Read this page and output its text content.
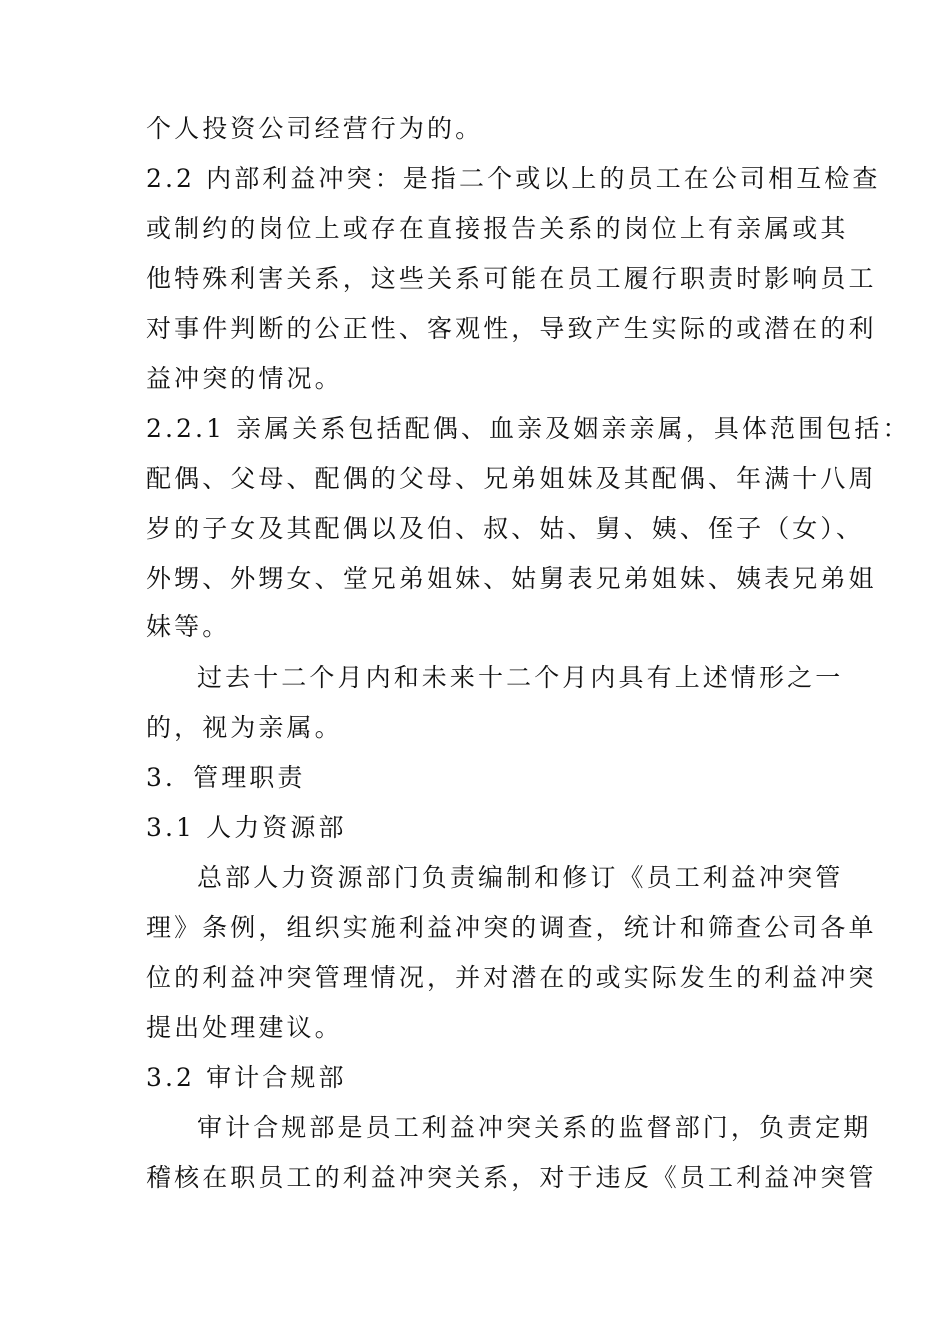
个人投资公司经营行为的。
2.2 内部利益冲突：是指二个或以上的员工在公司相互检查
或制约的岗位上或存在直接报告关系的岗位上有亲属或其
他特殊利害关系，这些关系可能在员工履行职责时影响员工
对事件判断的公正性、客观性，导致产生实际的或潜在的利
益冲突的情况。
2.2.1 亲属关系包括配偶、血亲及姻亲亲属，具体范围包括：
配偶、父母、配偶的父母、兄弟姐妹及其配偶、年满十八周
岁的子女及其配偶以及伯、叔、姑、舅、姨、侄子（女）、
外甥、外甥女、堂兄弟姐妹、姑舅表兄弟姐妹、姨表兄弟姐
妹等。
过去十二个月内和未来十二个月内具有上述情形之一
的，视为亲属。
3．管理职责
3.1 人力资源部
总部人力资源部门负责编制和修订《员工利益冲突管
理》条例，组织实施利益冲突的调查，统计和筛查公司各单
位的利益冲突管理情况，并对潜在的或实际发生的利益冲突
提出处理建议。
3.2 审计合规部
审计合规部是员工利益冲突关系的监督部门，负责定期
稽核在职员工的利益冲突关系，对于违反《员工利益冲突管
